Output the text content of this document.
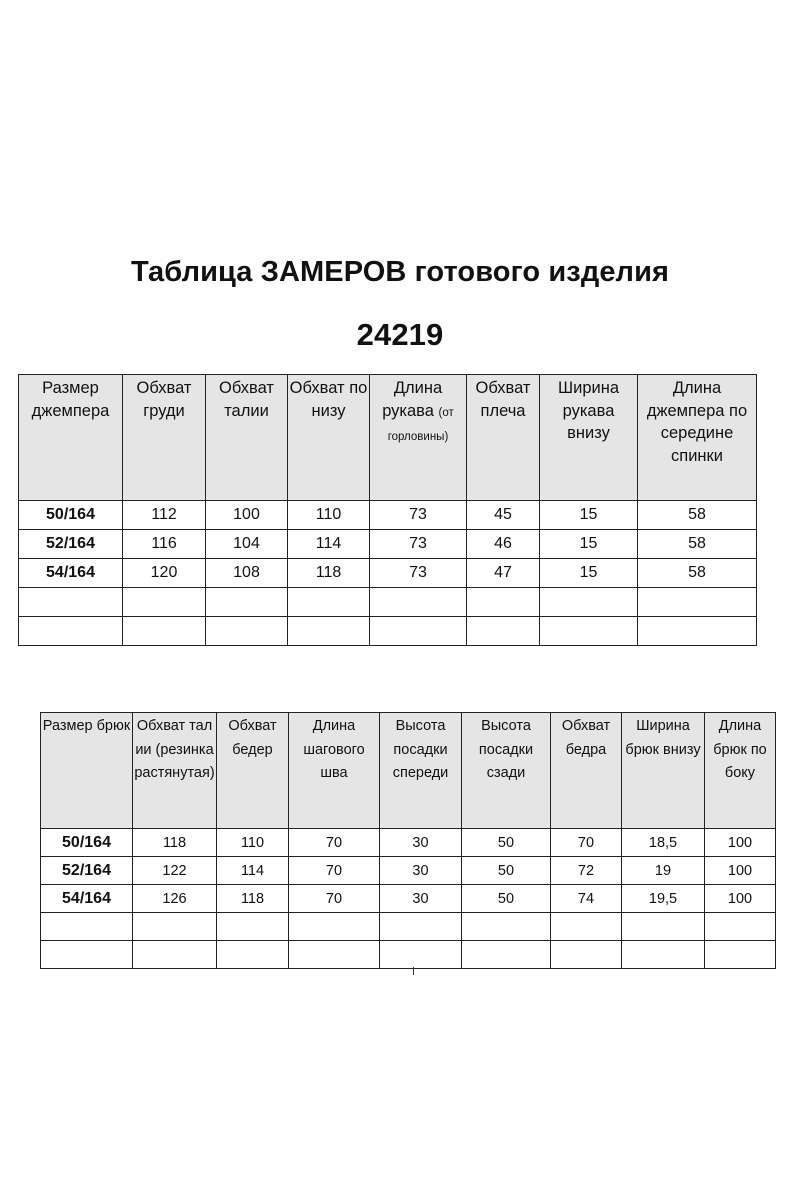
Таблица ЗАМЕРОВ готового изделия
24219
Размер джемпера	Обхват груди	Обхват талии	Обхват по низу	Длина рукава (от горловины)	Обхват плеча	Ширина рукава внизу	Длина джемпера по середине спинки
50/164	112	100	110	73	45	15	58
52/164	116	104	114	73	46	15	58
54/164	120	108	118	73	47	15	58

Размер брюк	Обхват талии (резинка растянутая)	Обхват бедер	Длина шагового шва	Высота посадки спереди	Высота посадки сзади	Обхват бедра	Ширина брюк внизу	Длина брюк по боку
50/164	118	110	70	30	50	70	18,5	100
52/164	122	114	70	30	50	72	19	100
54/164	126	118	70	30	50	74	19,5	100
